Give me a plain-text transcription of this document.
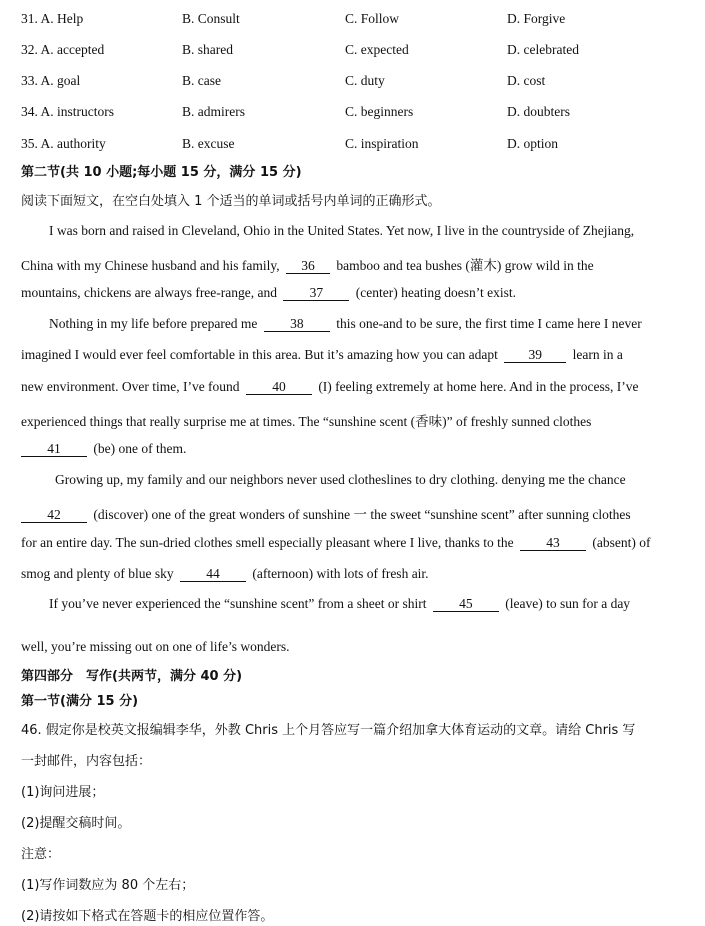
31. A. Help	B. Consult	C. Follow	D. Forgive
32. A. accepted	B. shared	C. expected	D. celebrated
33. A. goal	B. case	C. duty	D. cost
34. A. instructors	B. admirers	C. beginners	D. doubters
35. A. authority	B. excuse	C. inspiration	D. option
第二节(共 10 小题;每小题 15 分，满分 15 分)
阅读下面短文，在空白处填入 1 个适当的单词或括号内单词的正确形式。
I was born and raised in Cleveland, Ohio in the United States. Yet now, I live in the countryside of Zhejiang,
China with my Chinese husband and his family, 36 bamboo and tea bushes (灌木) grow wild in the
mountains, chickens are always free-range, and 37 (center) heating doesn’t exist.
Nothing in my life before prepared me 38 this one-and to be sure, the first time I came here I never
imagined I would ever feel comfortable in this area. But it’s amazing how you can adapt 39 learn in a
new environment. Over time, I’ve found 40 (I) feeling extremely at home here. And in the process, I’ve
experienced things that really surprise me at times. The “sunshine scent (香味)” of freshly sunned clothes
41 (be) one of them.
Growing up, my family and our neighbors never used clotheslines to dry clothing. denying me the chance
42 (discover) one of the great wonders of sunshine 一 the sweet “sunshine scent” after sunning clothes
for an entire day. The sun-dried clothes smell especially pleasant where I live, thanks to the 43 (absent) of
smog and plenty of blue sky 44 (afternoon) with lots of fresh air.
If you’ve never experienced the “sunshine scent” from a sheet or shirt 45 (leave) to sun for a day
well, you’re missing out on one of life’s wonders.
第四部分　写作(共两节，满分 40 分)
第一节(满分 15 分)
46. 假定你是校英文报编辑李华，外教 Chris 上个月答应写一篇介绍加拿大体育运动的文章。请给 Chris 写
一封邮件，内容包括：
(1)询问进展；
(2)提醒交稿时间。
注意：
(1)写作词数应为 80 个左右；
(2)请按如下格式在答题卡的相应位置作答。
